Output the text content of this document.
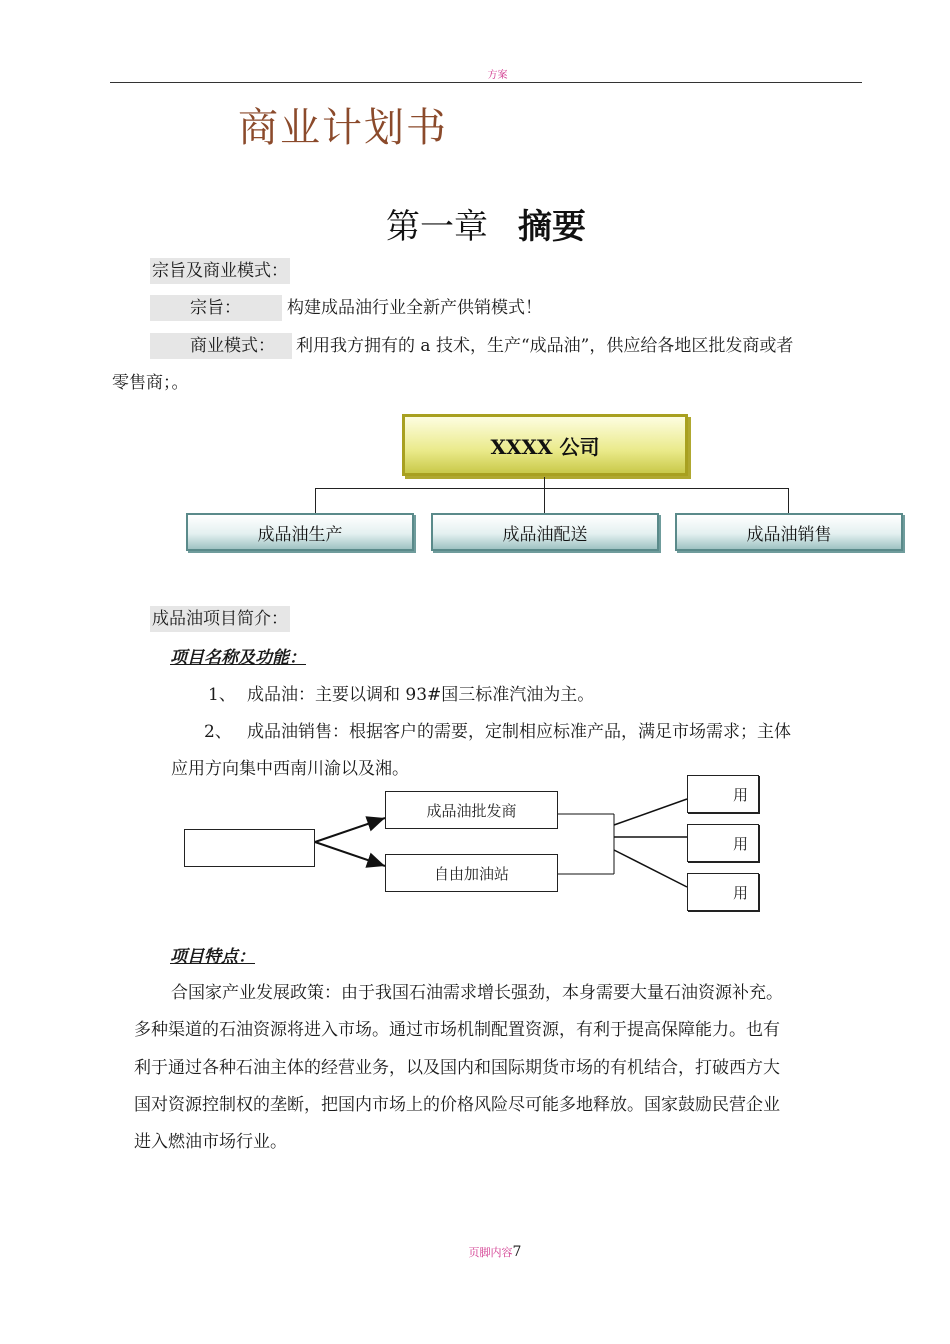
方案
商业计划书
第一章 摘要
宗旨及商业模式：
宗旨：	构建成品油行业全新产供销模式！
商业模式：	利用我方拥有的 a 技术，生产“成品油”，供应给各地区批发商或者
零售商；。
XXXX 公司
成品油生产	成品油配送	成品油销售
成品油项目简介：
项目名称及功能：
1、 成品油：主要以调和 93#国三标准汽油为主。
2、 成品油销售：根据客户的需要，定制相应标准产品，满足市场需求；主体
应用方向集中西南川渝以及湘。
成品油批发商
自由加油站
用
用
用
项目特点：
合国家产业发展政策：由于我国石油需求增长强劲，本身需要大量石油资源补充。
多种渠道的石油资源将进入市场。通过市场机制配置资源，有利于提高保障能力。也有
利于通过各种石油主体的经营业务，以及国内和国际期货市场的有机结合，打破西方大
国对资源控制权的垄断，把国内市场上的价格风险尽可能多地释放。国家鼓励民营企业
进入燃油市场行业。
页脚内容7
